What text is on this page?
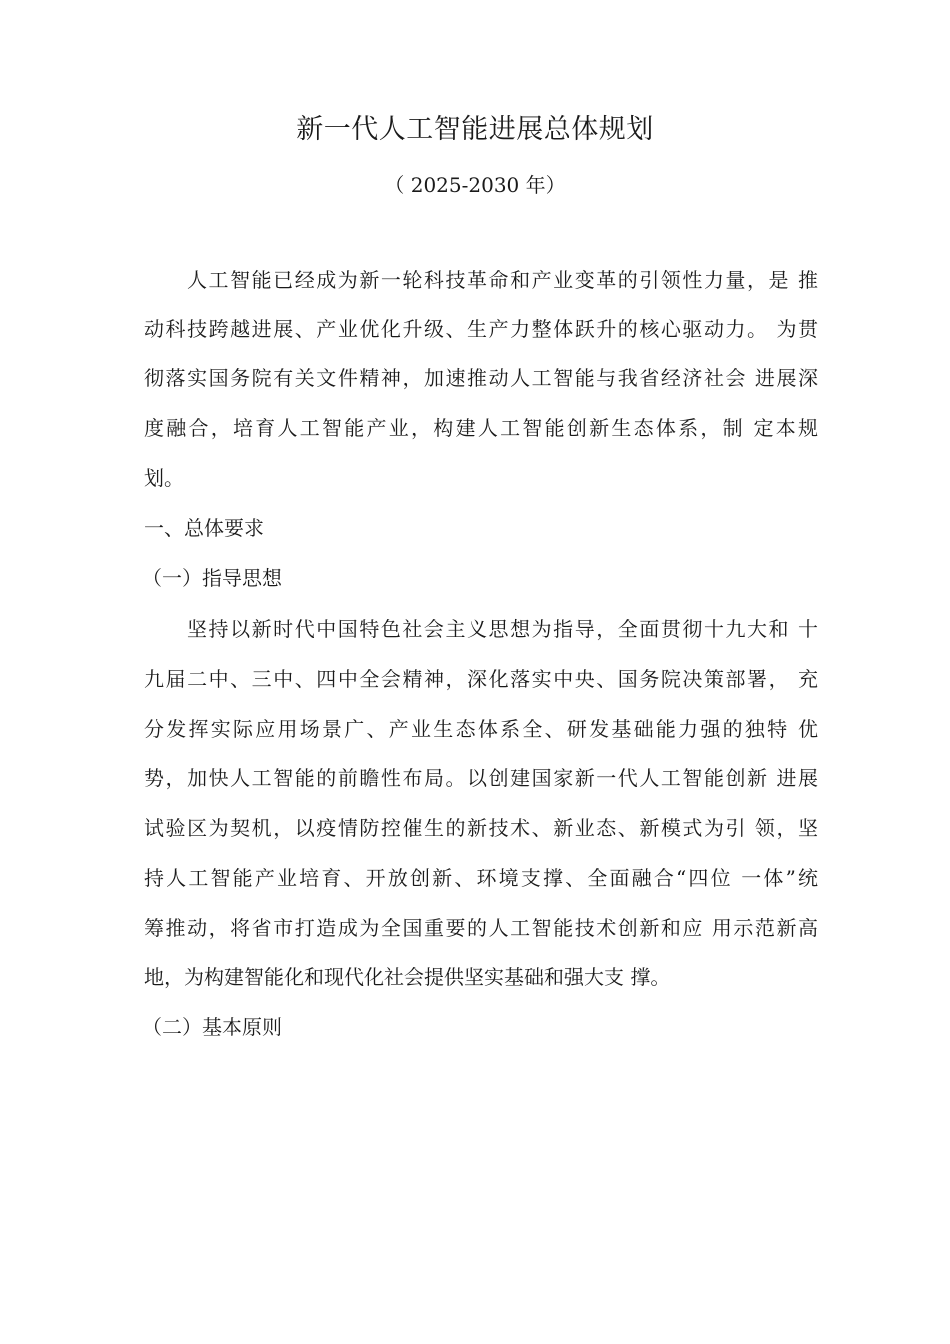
新一代人工智能进展总体规划
（ 2025-2030 年）
人工智能已经成为新一轮科技革命和产业变革的引领性力量，是 推
动科技跨越进展、产业优化升级、生产力整体跃升的核心驱动力。 为贯
彻落实国务院有关文件精神，加速推动人工智能与我省经济社会 进展深
度融合，培育人工智能产业，构建人工智能创新生态体系，制 定本规
划。
一、总体要求
（一）指导思想
坚持以新时代中国特色社会主义思想为指导，全面贯彻十九大和 十
九届二中、三中、四中全会精神，深化落实中央、国务院决策部署， 充
分发挥实际应用场景广、产业生态体系全、研发基础能力强的独特 优
势，加快人工智能的前瞻性布局。以创建国家新一代人工智能创新 进展
试验区为契机，以疫情防控催生的新技术、新业态、新模式为引 领，坚
持人工智能产业培育、开放创新、环境支撑、全面融合“四位 一体”统
筹推动，将省市打造成为全国重要的人工智能技术创新和应 用示范新高
地，为构建智能化和现代化社会提供坚实基础和强大支 撑。
（二）基本原则
